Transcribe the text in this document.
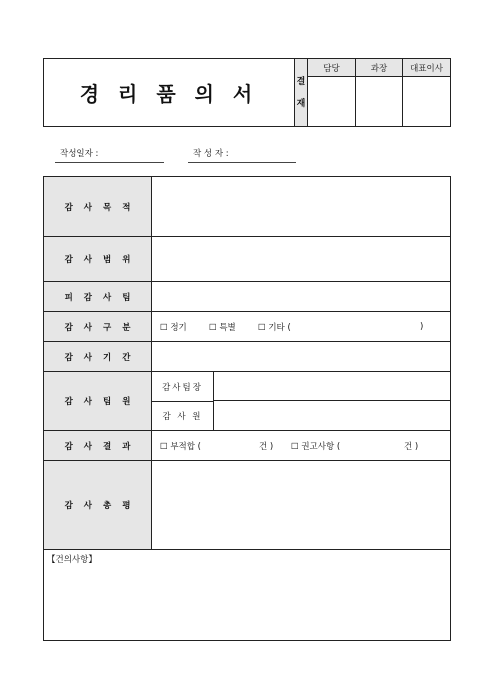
경 리 품 의 서
결
재
담당	과장	대표이사
작성일자 :	작 성 자 :
감사목적
감사범위
피감사팀
감사구분	☐ 정기	☐ 특별	☐ 기타 (	)
감사기간
감사팀원
감사팀장
감 사 원
감사결과	☐ 부적합 (	건 ) ☐ 권고사항 (	건 )
감사총평
【건의사항】
